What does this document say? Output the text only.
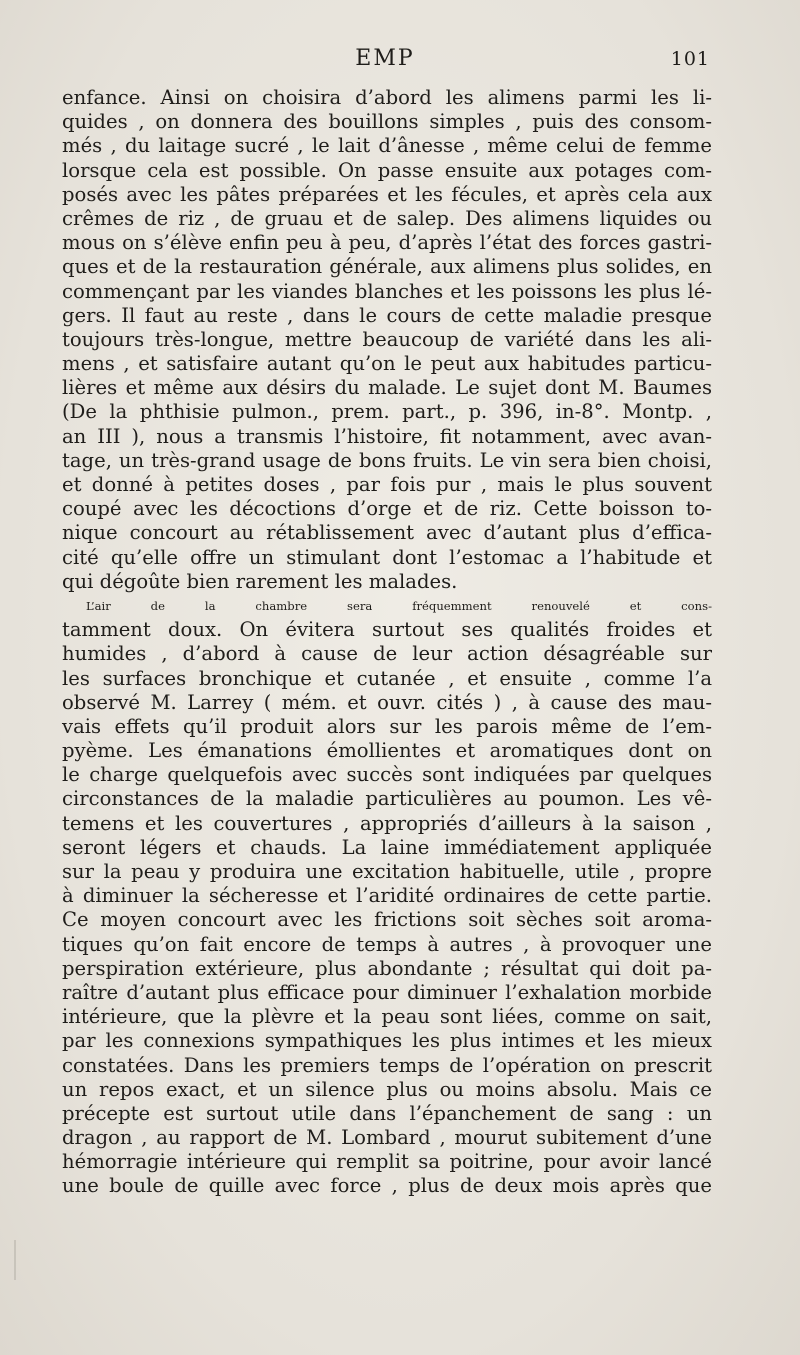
EMP	101
enfance. Ainsi on choisira d’abord les alimens parmi les li-
quides , on donnera des bouillons simples , puis des consom-
més , du laitage sucré , le lait d’ânesse , même celui de femme
lorsque cela est possible. On passe ensuite aux potages com-
posés avec les pâtes préparées et les fécules, et après cela aux
crêmes de riz , de gruau et de salep. Des alimens liquides ou
mous on s’élève enfin peu à peu, d’après l’état des forces gastri-
ques et de la restauration générale, aux alimens plus solides, en
commençant par les viandes blanches et les poissons les plus lé-
gers. Il faut au reste , dans le cours de cette maladie presque
toujours très-longue, mettre beaucoup de variété dans les ali-
mens , et satisfaire autant qu’on le peut aux habitudes particu-
lières et même aux désirs du malade. Le sujet dont M. Baumes
(De la phthisie pulmon., prem. part., p. 396, in-8°. Montp. ,
an III ), nous a transmis l’histoire, fit notamment, avec avan-
tage, un très-grand usage de bons fruits. Le vin sera bien choisi,
et donné à petites doses , par fois pur , mais le plus souvent
coupé avec les décoctions d’orge et de riz. Cette boisson to-
nique concourt au rétablissement avec d’autant plus d’effica-
cité qu’elle offre un stimulant dont l’estomac a l’habitude et
qui dégoûte bien rarement les malades.
L’air de la chambre sera fréquemment renouvelé et cons-
tamment doux. On évitera surtout ses qualités froides et
humides , d’abord à cause de leur action désagréable sur
les surfaces bronchique et cutanée , et ensuite , comme l’a
observé M. Larrey ( mém. et ouvr. cités ) , à cause des mau-
vais effets qu’il produit alors sur les parois même de l’em-
pyème. Les émanations émollientes et aromatiques dont on
le charge quelquefois avec succès sont indiquées par quelques
circonstances de la maladie particulières au poumon. Les vê-
temens et les couvertures , appropriés d’ailleurs à la saison ,
seront légers et chauds. La laine immédiatement appliquée
sur la peau y produira une excitation habituelle, utile , propre
à diminuer la sécheresse et l’aridité ordinaires de cette partie.
Ce moyen concourt avec les frictions soit sèches soit aroma-
tiques qu’on fait encore de temps à autres , à provoquer une
perspiration extérieure, plus abondante ; résultat qui doit pa-
raître d’autant plus efficace pour diminuer l’exhalation morbide
intérieure, que la plèvre et la peau sont liées, comme on sait,
par les connexions sympathiques les plus intimes et les mieux
constatées. Dans les premiers temps de l’opération on prescrit
un repos exact, et un silence plus ou moins absolu. Mais ce
précepte est surtout utile dans l’épanchement de sang : un
dragon , au rapport de M. Lombard , mourut subitement d’une
hémorragie intérieure qui remplit sa poitrine, pour avoir lancé
une boule de quille avec force , plus de deux mois après que
